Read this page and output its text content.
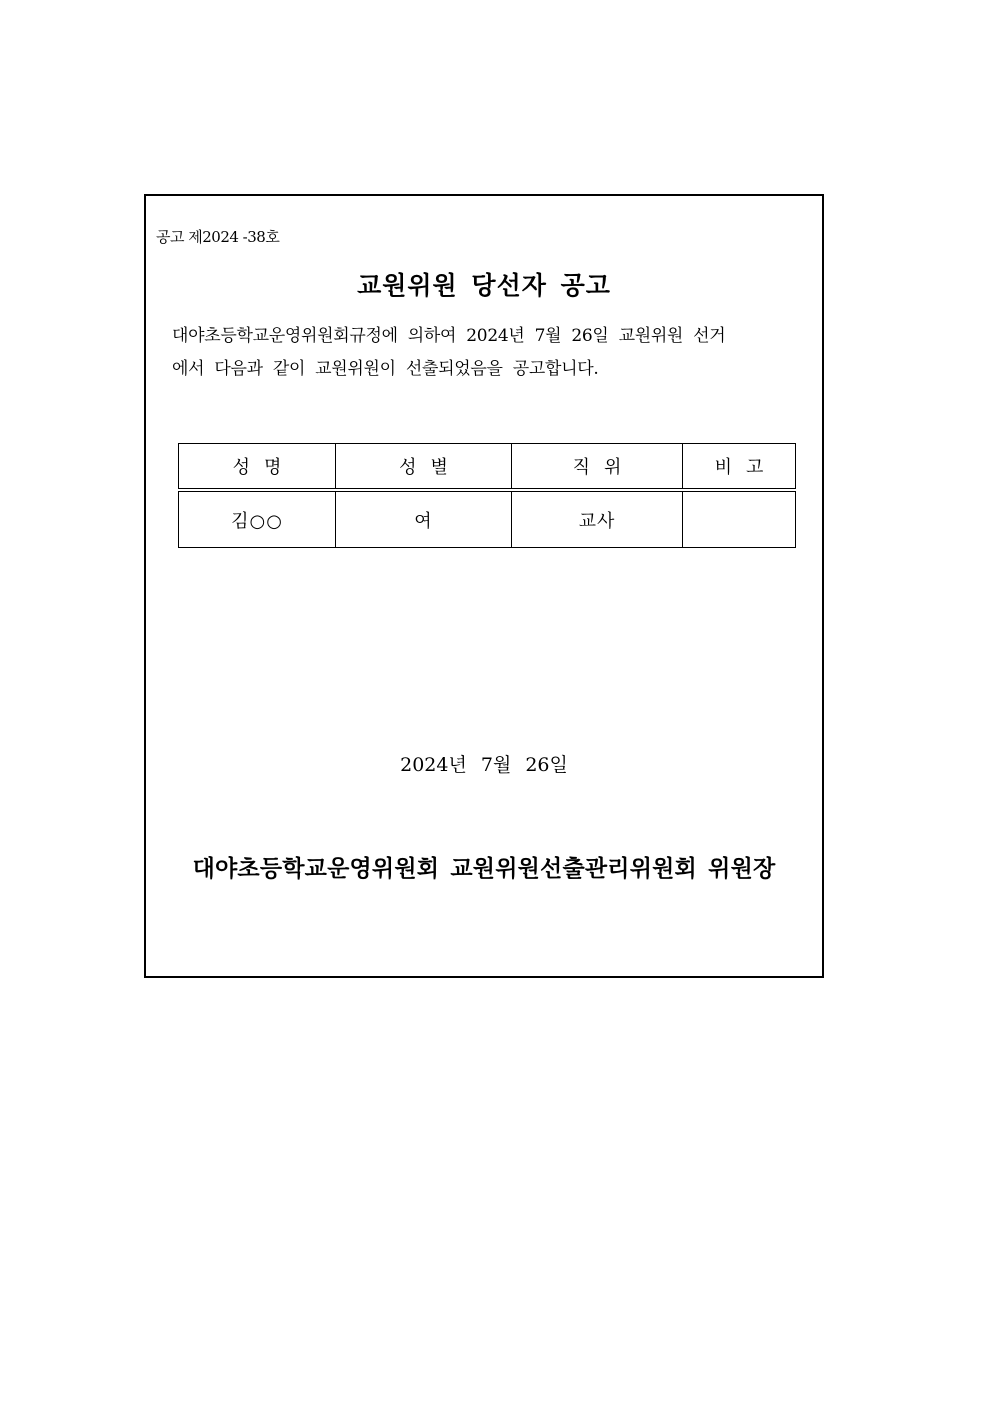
공고 제2024 -38호
교원위원 당선자 공고
대야초등학교운영위원회규정에 의하여 2024년 7월 26일 교원위원 선거
에서 다음과 같이 교원위원이 선출되었음을 공고합니다.
성명	성별	직위	비고
김○○	여	교사	
2024년 7월 26일
대야초등학교운영위원회 교원위원선출관리위원회 위원장
